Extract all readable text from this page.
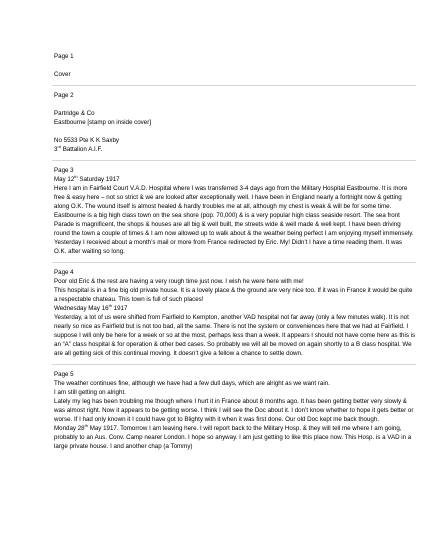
Page 1

Cover

Page 2

Partridge & Co

Eastbourne [stamp on inside cover]

No 5533 Pte K K Saxby

3rd Battalion A.I.F.

Page 3

May 12th Saturday 1917

Here I am in Fairfield Court V.A.D. Hospital where I was transferred 3-4 days ago from the Military Hospital Eastbourne. It is more free & easy here – not so strict & we are looked after exceptionally well. I have been in England nearly a fortnight now & getting along O.K. The wound itself is almost healed & hardly troubles me at all, although my chest is weak & will be for some time.

Eastbourne is a big high class town on the sea shore (pop. 70,000) & is a very popular high class seaside resort. The sea front Parade is magnificent, the shops & houses are all big & well built, the streets wide & well made & well kept. I have been driving round the town a couple of times & I am now allowed up to walk about & the weather being perfect I am enjoying myself immensely.

Yesterday I received about a month’s mail or more from France redirected by Eric. My! Didn’t I have a time reading them. It was O.K. after waiting so long.

Page 4

Poor old Eric & the rest are having a very rough time just now. I wish he were here with me!

This hospital is in a fine big old private house. It is a lovely place & the ground are very nice too. If it was in France it would be quite a respectable chateau. This town is full of such places!

Wednesday May 16th 1917

Yesterday, a lot of us were shifted from Fairfield to Kempton, another VAD hospital not far away (only a few minutes walk). It is not nearly so nice as Fairfield but is not too bad, all the same. There is not the system or conveniences here that we had at Fairfield. I suppose I will only be here for a week or so at the most, perhaps less than a week. It appears I should not have come here as this is an “A” class hospital & for operation & other bed cases. So probably we will all be moved on again shortly to a B class hospital. We are all getting sick of this continual moving. It doesn’t give a fellow a chance to settle down.

Page 5

The weather continues fine, although we have had a few dull days, which are alright as we want rain.

I am still getting on alright.

Lately my leg has been troubling me though where I hurt it in France about 8 months ago. It has been getting better very slowly & was almost right. Now it appears to be getting worse. I think I will see the Doc about it. I don’t know whether to hope it gets better or worse. If I had only known it I could have got to Blighty with it when it was first done. Our old Doc kept me back though.

Monday 28th May 1917. Tomorrow I am leaving here. I will report back to the Military Hosp. & they will tell me where I am going, probably to an Aus. Conv. Camp nearer London. I hope so anyway. I am just getting to like this place now. This Hosp. is a VAD in a large private house. I and another chap (a Tommy)
